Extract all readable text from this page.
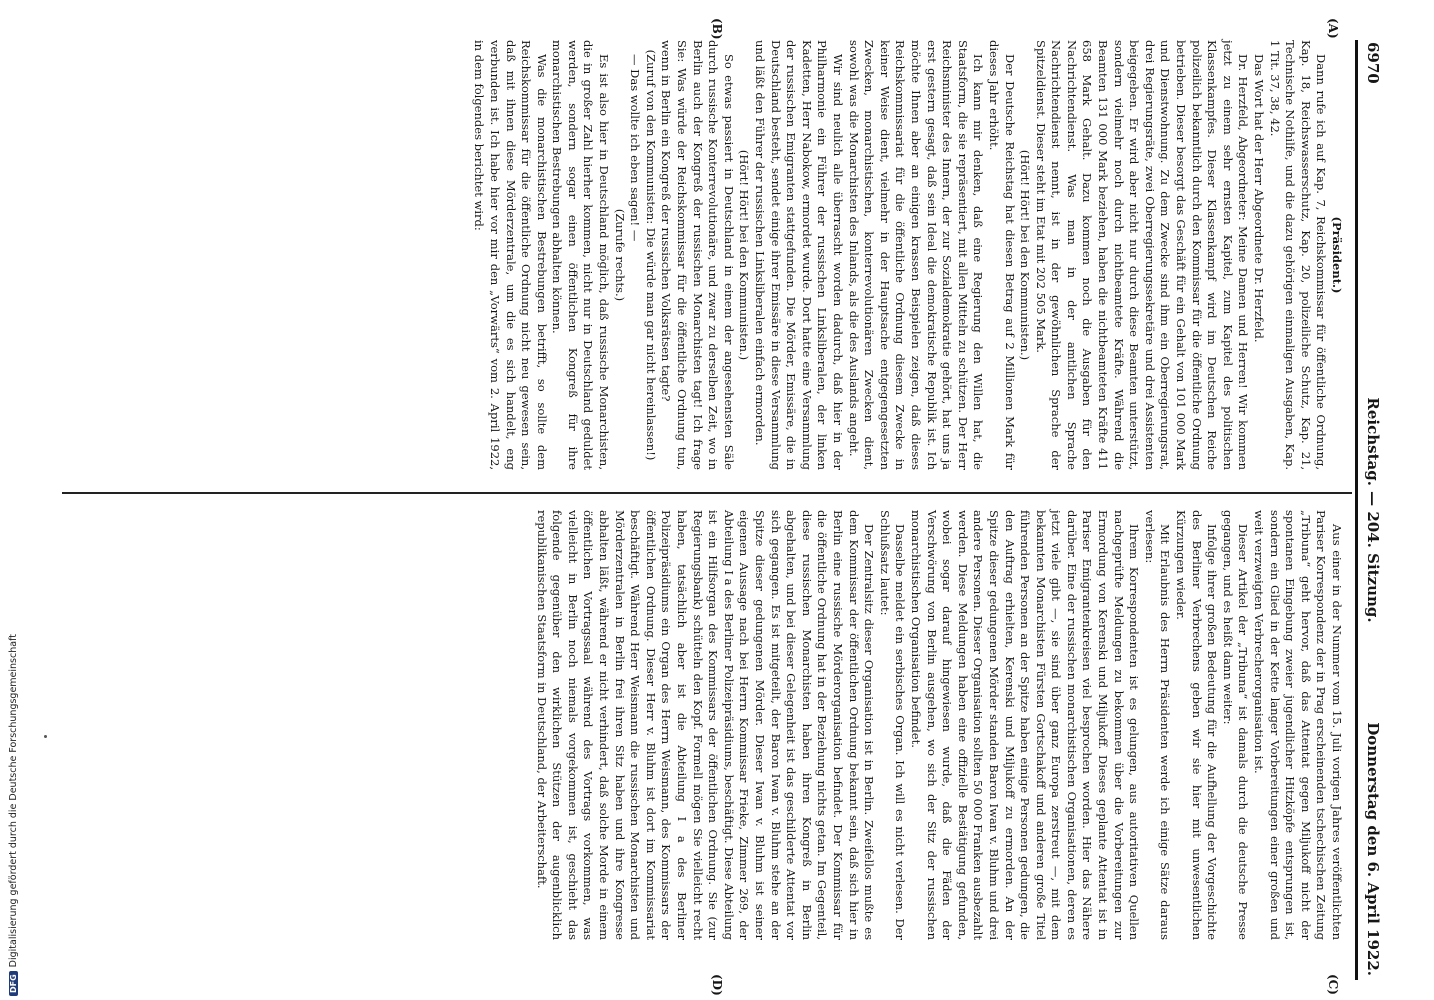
6970
Reichstag. — 204. Sitzung.
Donnerstag den 6. April 1922.
(A)
(B)
(C)
(D)

(Präsident.)

Dann rufe ich auf Kap. 7, Reichskommissar für öffentliche Ordnung, Kap. 18, Reichswasserschutz, Kap. 20, polizeiliche Schutz, Kap. 21, Technische Nothilfe, und die dazu gehörigen einmaligen Ausgaben, Kap. 1 Tit. 37, 38, 42.

Das Wort hat der Herr Abgeordnete Dr. Herzfeld.

Dr. Herzfeld, Abgeordneter: Meine Damen und Herren! Wir kommen jetzt zu einem sehr ernsten Kapitel, zum Kapitel des politischen Klassenkampfes. Dieser Klassenkampf wird im Deutschen Reiche polizeilich bekanntlich durch den Kommissar für die öffentliche Ordnung betrieben. Dieser besorgt das Geschäft für ein Gehalt von 101 000 Mark und Dienstwohnung. Zu dem Zwecke sind ihm ein Oberregierungsrat, drei Regierungsräte, zwei Oberregierungssekretäre und drei Assistenten beigegeben. Er wird aber nicht nur durch diese Beamten unterstützt, sondern vielmehr noch durch nichtbeamtete Kräfte. Während die Beamten 131 000 Mark beziehen, haben die nichtbeamteten Kräfte 411 658 Mark Gehalt. Dazu kommen noch die Ausgaben für den Nachrichtendienst. Was man in der amtlichen Sprache Nachrichtendienst nennt, ist in der gewöhnlichen Sprache der Spitzeldienst. Dieser steht im Etat mit 202 505 Mark.

(Hört! Hört! bei den Kommunisten.)

Der Deutsche Reichstag hat diesen Betrag auf 2 Millionen Mark für dieses Jahr erhöht.

Ich kann mir denken, daß eine Regierung den Willen hat, die Staatsform, die sie repräsentiert, mit allen Mitteln zu schützen. Der Herr Reichsminister des Innern, der zur Sozialdemokratie gehört, hat uns ja erst gestern gesagt, daß sein Ideal die demokratische Republik ist. Ich möchte Ihnen aber an einigen krassen Beispielen zeigen, daß dieses Reichskommissariat für die öffentliche Ordnung diesem Zwecke in keiner Weise dient, vielmehr in der Hauptsache entgegengesetzten Zwecken, monarchistischen, konterrevolutionären Zwecken dient, sowohl was die Monarchisten des Inlands, als die des Auslands angeht.

Wir sind neulich alle überrascht worden dadurch, daß hier in der Philharmonie ein Führer der russischen Linksliberalen, der linken Kadetten, Herr Nabokow, ermordet wurde. Dort hatte eine Versammlung der russischen Emigranten stattgefunden. Die Mörder, Emissäre, die in Deutschland besteht, sendet einige ihrer Emissäre in diese Versammlung und läßt den Führer der russischen Linksliberalen einfach ermorden.

(Hört! Hört! bei den Kommunisten.)

So etwas passiert in Deutschland in einem der angesehensten Säle durch russische Konterrevolutionäre, und zwar zu derselben Zeit, wo in Berlin auch der Kongreß der russischen Monarchisten tagt! Ich frage Sie: Was würde der Reichskommissar für die öffentliche Ordnung tun, wenn in Berlin ein Kongreß der russischen Volksrätsen tagte?

(Zuruf von den Kommunisten: Die würde man gar nicht hereinlassen!)

— Das wollte ich eben sagen! —

(Zurufe rechts.)

Es ist also hier in Deutschland möglich, daß russische Monarchisten, die in großer Zahl hierher kommen, nicht nur in Deutschland geduldet werden, sondern sogar einen öffentlichen Kongreß für ihre monarchistischen Bestrebungen abhalten können.

Was die monarchistischen Bestrebungen betrifft, so sollte dem Reichskommissar für die öffentliche Ordnung nicht neu gewesen sein, daß mit ihnen diese Mörderzentrale, um die es sich handelt, eng verbunden ist. Ich habe hier vor mir den „Vorwärts“ vom 2. April 1922, in dem folgendes berichtet wird:

Aus einer in der Nummer vom 15. Juli vorigen Jahres veröffentlichten Pariser Korrespondenz der in Prag erscheinenden tschechischen Zeitung „Tribuna“ geht hervor, daß das Attentat gegen Miljukoff nicht der spontanen Eingebung zweier jugendlicher Hitzköpfe entsprungen ist, sondern ein Glied in der Kette langer Vorbereitungen einer großen und weit verzweigten Verbrecherorganisation ist.

Dieser Artikel der „Tribuna“ ist damals durch die deutsche Presse gegangen, und es heißt dann weiter:

Infolge ihrer großen Bedeutung für die Aufhellung der Vorgeschichte des Berliner Verbrechens geben wir sie hier mit unwesentlichen Kürzungen wieder.

Mit Erlaubnis des Herrn Präsidenten werde ich einige Sätze daraus verlesen:

Ihrem Korrespondenten ist es gelungen, aus autoritativen Quellen nachgeprüfte Meldungen zu bekommen über die Vorbereitungen zur Ermordung von Kerenski und Miljukoff. Dieses geplante Attentat ist in Pariser Emigrantenkreisen viel besprochen worden. Hier das Nähere darüber. Eine der russischen monarchistischen Organisationen, deren es jetzt viele gibt —, sie sind über ganz Europa zerstreut —, mit dem bekannten Monarchisten Fürsten Gortschakoff und anderen große Titel führenden Personen an der Spitze haben einige Personen gedungen, die den Auftrag erhielten, Kerenski und Miljukoff zu ermorden. An der Spitze dieser gedungenen Mörder standen Baron Iwan v. Bluhm und drei andere Personen. Dieser Organisation sollten 50 000 Franken ausbezahlt werden. Diese Meldungen haben eine offizielle Bestätigung gefunden, wobei sogar darauf hingewiesen wurde, daß die Fäden der Verschwörung von Berlin ausgehen, wo sich der Sitz der russischen monarchistischen Organisation befindet.

Dasselbe meldet ein serbisches Organ. Ich will es nicht verlesen. Der Schlußsatz lautet:

Der Zentralsitz dieser Organisation ist in Berlin. Zweifellos mußte es dem Kommissar der öffentlichen Ordnung bekannt sein, daß sich hier in Berlin eine russische Mörderorganisation befindet. Der Kommissar für die öffentliche Ordnung hat in der Beziehung nichts getan. Im Gegenteil, diese russischen Monarchisten haben ihren Kongreß in Berlin abgehalten, und bei dieser Gelegenheit ist das geschilderte Attentat vor sich gegangen. Es ist mitgeteilt, der Baron Iwan v. Bluhm stehe an der Spitze dieser gedungenen Mörder. Dieser Iwan v. Bluhm ist seiner eigenen Aussage nach bei Herrn Kommissar Frieke, Zimmer 269, der Abteilung I a des Berliner Polizeipräsidiums, beschäftigt. Diese Abteilung ist ein Hilfsorgan des Kommissars der öffentlichen Ordnung. Sie (zur Regierungsbank) schütteln den Kopf. Formell mögen Sie vielleicht recht haben, tatsächlich aber ist die Abteilung I a des Berliner Polizeipräsidiums ein Organ des Herrn Weismann, des Kommissars der öffentlichen Ordnung. Dieser Herr v. Bluhm ist dort im Kommissariat beschäftigt. Während Herr Weismann die russischen Monarchisten und Mörderzentralen in Berlin frei ihren Sitz haben und ihre Kongresse abhalten läßt, während er nicht verhindert, daß solche Morde in einem öffentlichen Vortragssaal während des Vortrags vorkommen, was vielleicht in Berlin noch niemals vorgekommen ist, geschieht das folgende gegenüber den wirklichen Stützen der augenblicklich republikanischen Staatsform in Deutschland, der Arbeiterschaft.

DFGDigitalisierung gefördert durch die Deutsche Forschungsgemeinschaft
